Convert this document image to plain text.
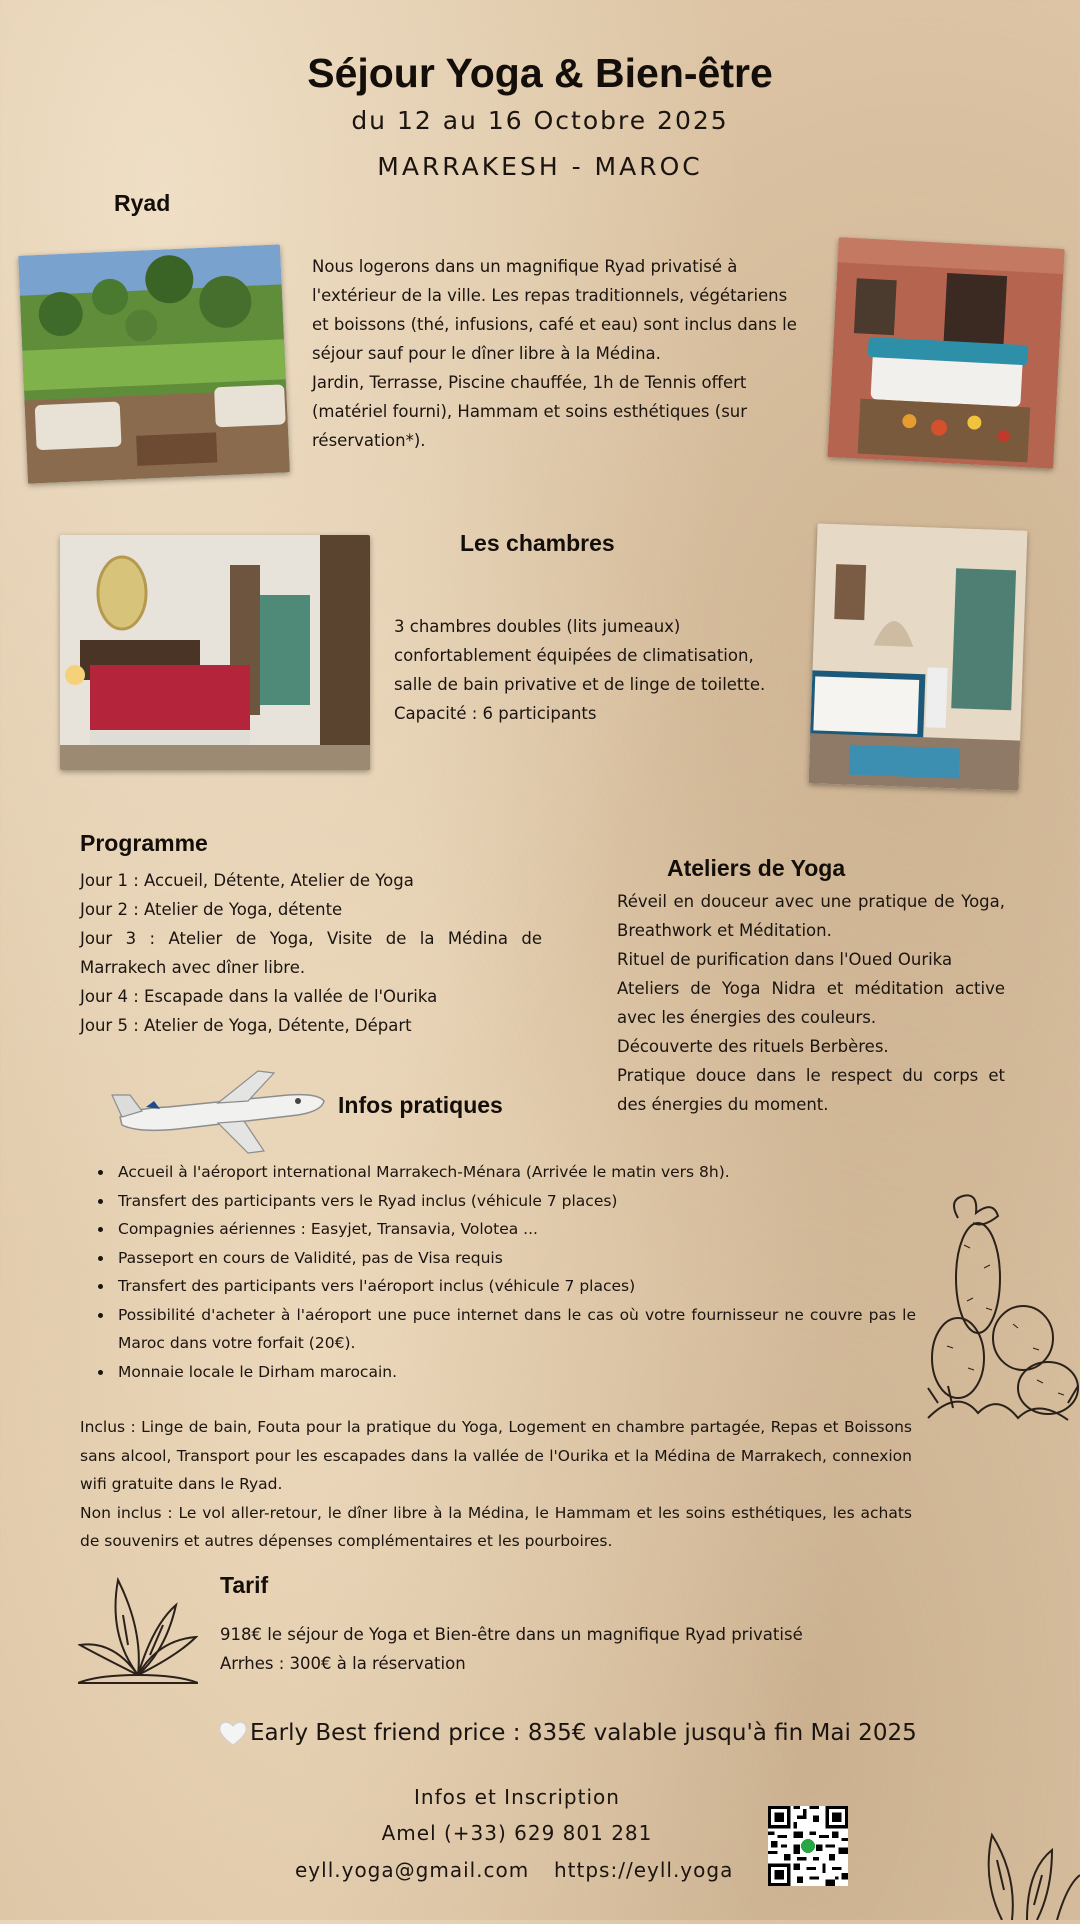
Séjour Yoga & Bien-être
du 12 au 16 Octobre 2025
MARRAKESH - MAROC
Ryad
Nous logerons dans un magnifique Ryad privatisé à l'extérieur de la ville. Les repas traditionnels, végétariens et boissons (thé, infusions, café et eau) sont inclus dans le séjour sauf pour le dîner libre à la Médina.
Jardin, Terrasse, Piscine chauffée, 1h de Tennis offert (matériel fourni), Hammam et soins esthétiques (sur réservation*).
Les chambres
3 chambres doubles (lits jumeaux)
confortablement équipées de climatisation,
salle de bain privative et de linge de toilette.
Capacité : 6 participants
Programme
Jour 1 : Accueil, Détente, Atelier de Yoga
Jour 2 : Atelier de Yoga, détente
Jour 3 : Atelier de Yoga, Visite de la Médina de Marrakech avec dîner libre.
Jour 4 : Escapade dans la vallée de l'Ourika
Jour 5 : Atelier de Yoga, Détente, Départ
Ateliers de Yoga
Réveil en douceur avec une pratique de Yoga, Breathwork et Méditation.
Rituel de purification dans l'Oued Ourika
Ateliers de Yoga Nidra et méditation active avec les énergies des couleurs.
Découverte des rituels Berbères.
Pratique douce dans le respect du corps et des énergies du moment.
Infos pratiques
• Accueil à l'aéroport international Marrakech-Ménara (Arrivée le matin vers 8h).
• Transfert des participants vers le Ryad inclus (véhicule 7 places)
• Compagnies aériennes : Easyjet, Transavia, Volotea ...
• Passeport en cours de Validité, pas de Visa requis
• Transfert des participants vers l'aéroport inclus (véhicule 7 places)
• Possibilité d'acheter à l'aéroport une puce internet dans le cas où votre fournisseur ne couvre pas le Maroc dans votre forfait (20€).
• Monnaie locale le Dirham marocain.
Inclus : Linge de bain, Fouta pour la pratique du Yoga, Logement en chambre partagée, Repas et Boissons sans alcool, Transport pour les escapades dans la vallée de l'Ourika et la Médina de Marrakech, connexion wifi gratuite dans le Ryad.
Non inclus : Le vol aller-retour, le dîner libre à la Médina, le Hammam et les soins esthétiques, les achats de souvenirs et autres dépenses complémentaires et les pourboires.
Tarif
918€ le séjour de Yoga et Bien-être dans un magnifique Ryad privatisé
Arrhes : 300€ à la réservation
Early Best friend price : 835€ valable jusqu'à fin Mai 2025
Infos et Inscription
Amel (+33) 629 801 281
eyll.yoga@gmail.com https://eyll.yoga
